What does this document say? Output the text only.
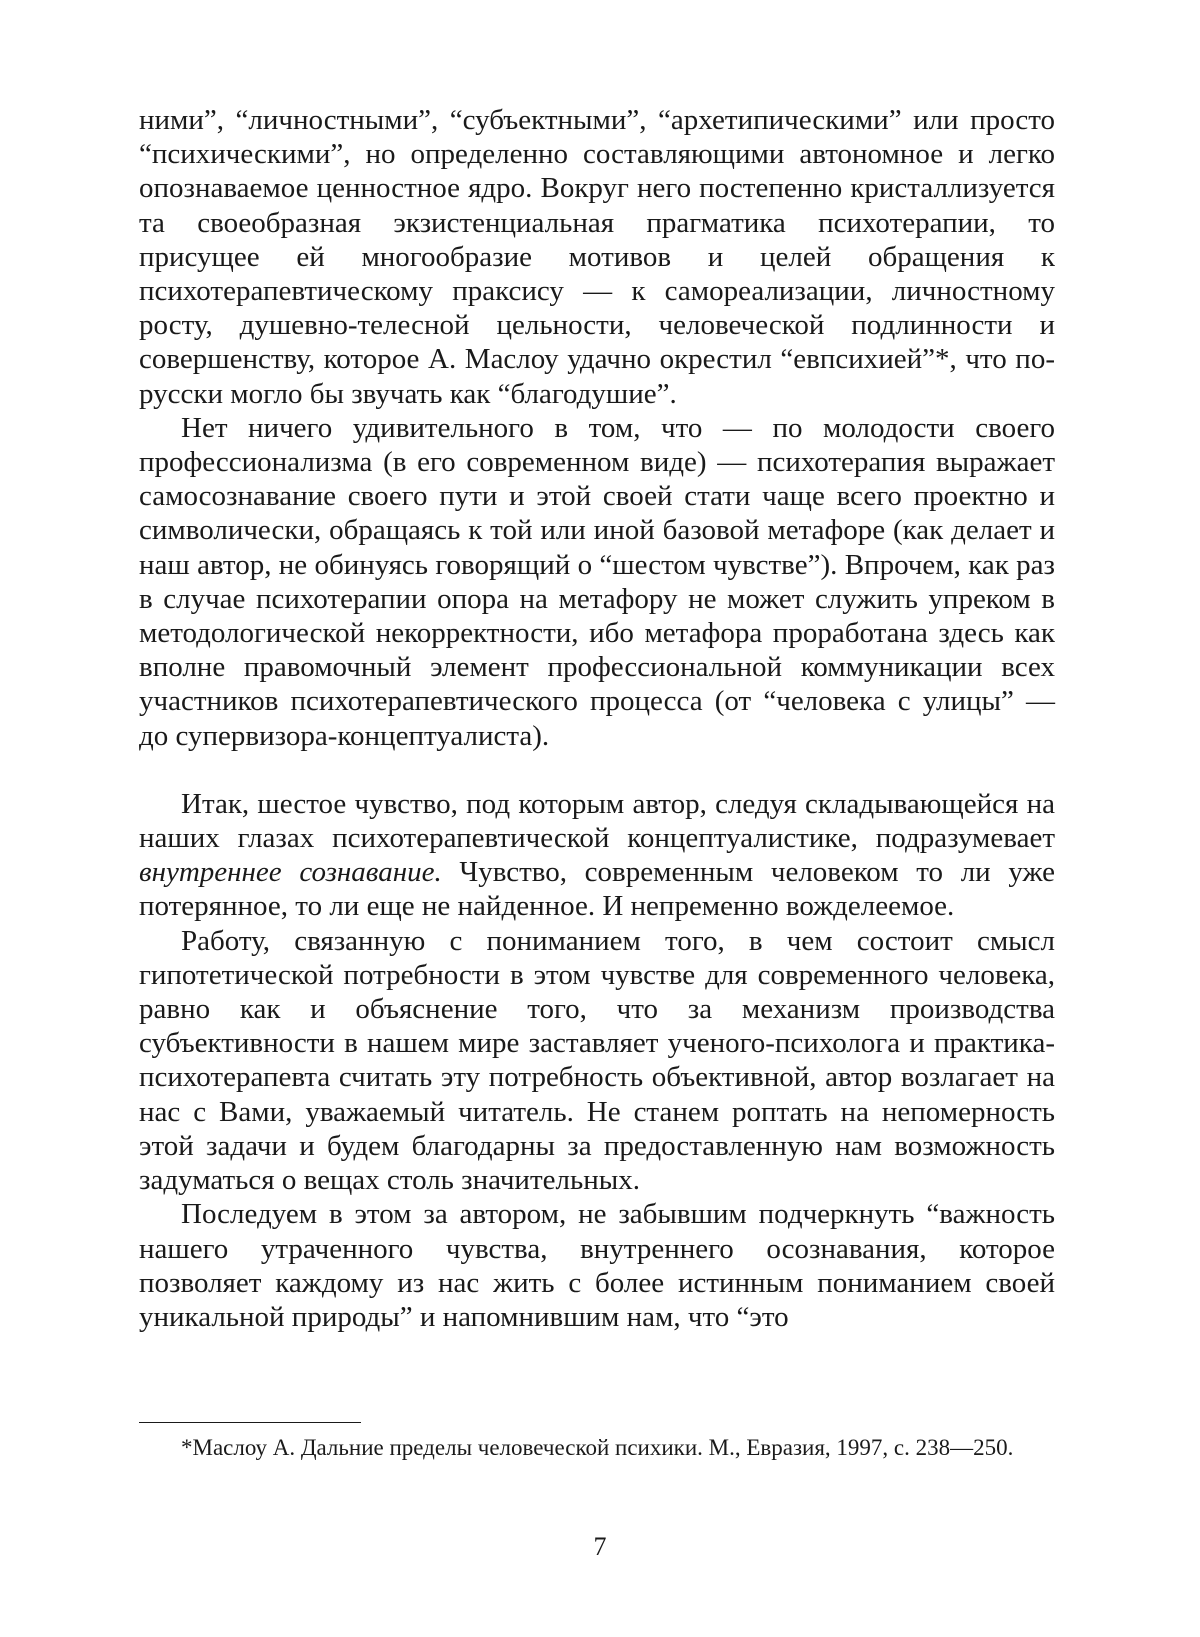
ними”, “личностными”, “субъектными”, “архетипическими” или просто “психическими”, но определенно составляющими автономное и легко опознаваемое ценностное ядро. Вокруг него постепенно кристаллизуется та своеобразная экзистенциальная прагматика психотерапии, то присущее ей многообразие мотивов и целей обращения к психотерапевтическому праксису — к самореализации, личностному росту, душевно-телесной цельности, человеческой подлинности и совершенству, которое А. Маслоу удачно окрестил “евпсихией”*, что по-русски могло бы звучать как “благодушие”.

Нет ничего удивительного в том, что — по молодости своего профессионализма (в его современном виде) — психотерапия выражает самосознавание своего пути и этой своей стати чаще всего проектно и символически, обращаясь к той или иной базовой метафоре (как делает и наш автор, не обинуясь говорящий о “шестом чувстве”). Впрочем, как раз в случае психотерапии опора на метафору не может служить упреком в методологической некорректности, ибо метафора проработана здесь как вполне правомочный элемент профессиональной коммуникации всех участников психотерапевтического процесса (от “человека с улицы” — до супервизора-концептуалиста).

Итак, шестое чувство, под которым автор, следуя складывающейся на наших глазах психотерапевтической концептуалистике, подразумевает внутреннее сознавание. Чувство, современным человеком то ли уже потерянное, то ли еще не найденное. И непременно вожделеемое.

Работу, связанную с пониманием того, в чем состоит смысл гипотетической потребности в этом чувстве для современного человека, равно как и объяснение того, что за механизм производства субъективности в нашем мире заставляет ученого-психолога и практика-психотерапевта считать эту потребность объективной, автор возлагает на нас с Вами, уважаемый читатель. Не станем роптать на непомерность этой задачи и будем благодарны за предоставленную нам возможность задуматься о вещах столь значительных.

Последуем в этом за автором, не забывшим подчеркнуть “важность нашего утраченного чувства, внутреннего осознавания, которое позволяет каждому из нас жить с более истинным пониманием своей уникальной природы” и напомнившим нам, что “это

*Маслоу А. Дальние пределы человеческой психики. М., Евразия, 1997, с. 238—250.

7
